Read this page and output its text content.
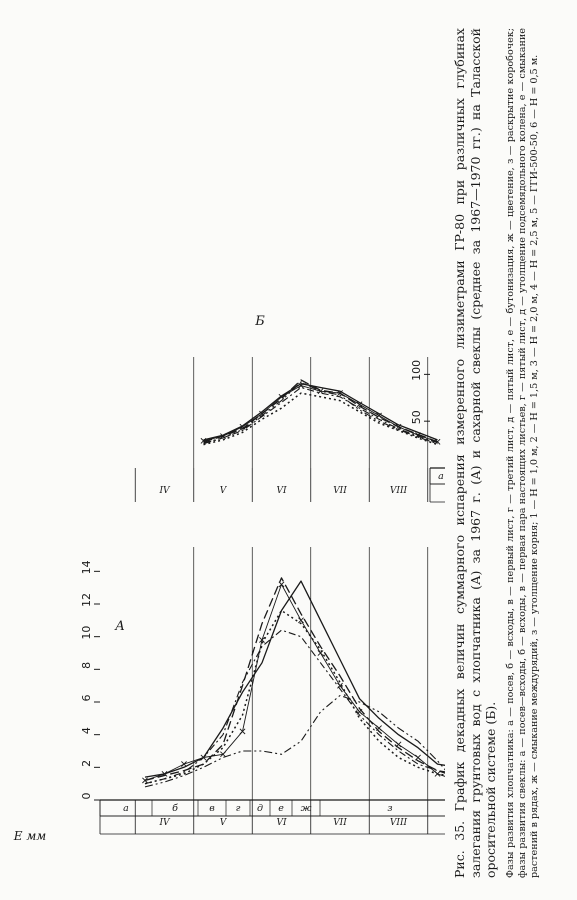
0
2
4
6
8
10
12
14
IV	V	VI	VII	VIII
а	б	в г д е ж	з
50
100
IV	V	VI	VII	VIII
а
Е мм
А
Б	Рис. 35. График декадных величин суммарного испарения измеренного лизиметрами ГР-80 при различных глубинах залегания грунтовых вод с хлопчатника (А) за 1967 г. (А) и сахарной свеклы (среднее за 1967—1970 гг.) на Таласской оросительной системе (Б). Фазы развития хлопчатника: а — посев, б — всходы, в — первый лист, г — третий лист, д — пятый лист, е — бутонизация, ж — цветение, з — раскрытие коробочек; фазы развития свеклы: а — посев—всходы, б — всходы, в — первая пара настоящих листьев, г — пятый лист, д — утолщение подсемядольного колена, е — смыкание растений в рядах, ж — смыкание междурядий, з — утолщение корня; 1 — Н = 1,0 м, 2 — Н = 1,5 м, 3 — Н = 2,0 м, 4 — Н = 2,5 м, 5 — ГГИ-500-50, 6 — Н = 0,5 м.
